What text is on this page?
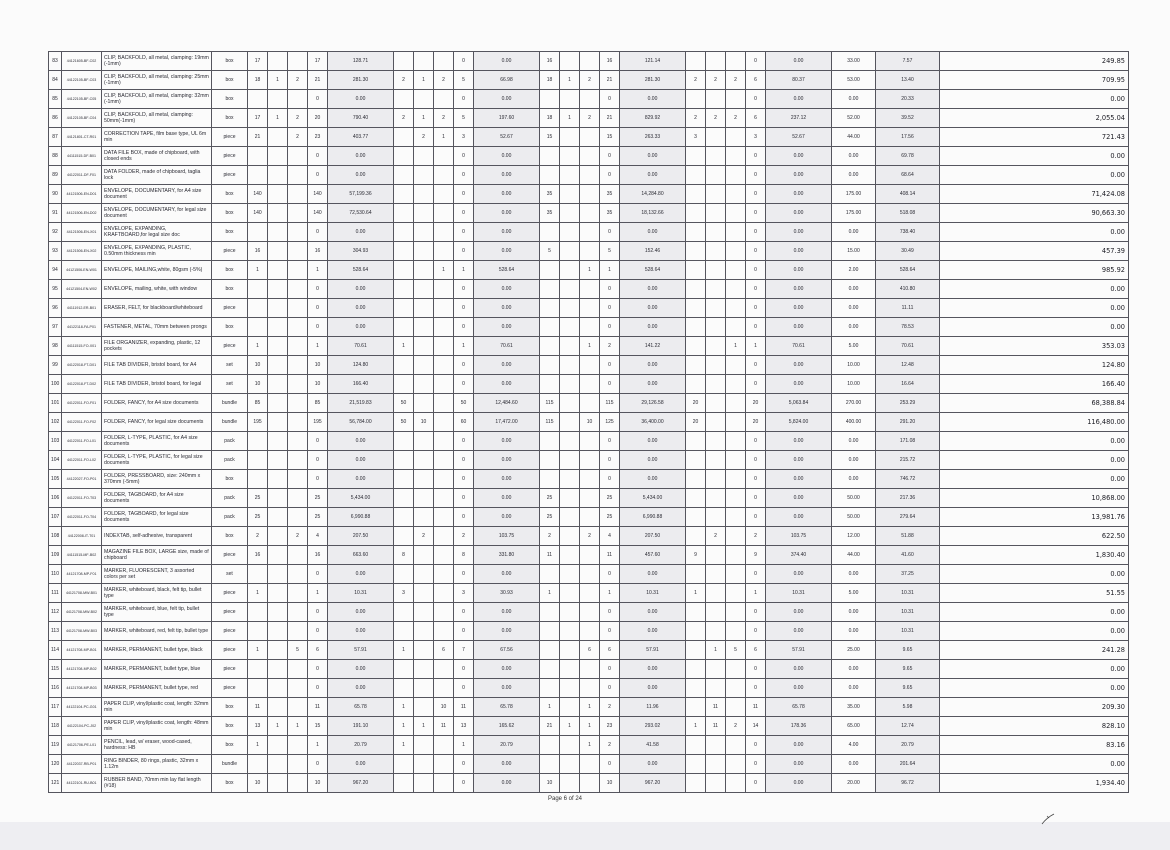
83	44121605-BF-C02	CLIP, BACKFOLD, all metal, clamping: 19mm (-1mm)	box	17			17	128.71				0	0.00	16			16	121.14				0	0.00	33.00	7.57	249.85
84	44122105-BF-C03	CLIP, BACKFOLD, all metal, clamping: 25mm (-1mm)	box	18	1	2	21	281.30	2	1	2	5	66.98	18	1	2	21	281.30	2	2	2	6	80.37	53.00	13.40	709.95
85	44122105-BF-C05	CLIP, BACKFOLD, all metal, clamping: 32mm (-1mm)	box				0	0.00				0	0.00				0	0.00				0	0.00	0.00	20.33	0.00
86	44122105-BF-C04	CLIP, BACKFOLD, all metal, clamping: 50mm(-1mm)	box	17	1	2	20	790.40	2	1	2	5	197.60	18	1	2	21	829.92	2	2	2	6	237.12	52.00	39.52	2,055.04
87	44121801-CT-R01	CORRECTION TAPE, film base type, UL 6m min	piece	21		2	23	403.77		2	1	3	52.67	15			15	263.33	3			3	52.67	44.00	17.56	721.43
88	44111515-DF-B01	DATA FILE BOX, made of chipboard, with closed ends	piece				0	0.00				0	0.00				0	0.00				0	0.00	0.00	69.78	0.00
89	44122011-DF-F01	DATA FOLDER, made of chipboard, taglia lock	piece				0	0.00				0	0.00				0	0.00				0	0.00	0.00	68.64	0.00
90	44121506-EN-D01	ENVELOPE, DOCUMENTARY, for A4 size document	box	140			140	57,199.36				0	0.00	35			35	14,284.80				0	0.00	175.00	408.14	71,424.08
91	44121506-EN-D02	ENVELOPE, DOCUMENTARY, for legal size document	box	140			140	72,530.64				0	0.00	35			35	18,132.66				0	0.00	175.00	518.08	90,663.30
92	44121506-EN-X01	ENVELOPE, EXPANDING, KRAFTBOARD,for legal size doc	box				0	0.00				0	0.00				0	0.00				0	0.00	0.00	738.40	0.00
93	44121506-EN-X02	ENVELOPE, EXPANDING, PLASTIC, 0.50mm thickness min	piece	16			16	304.93				0	0.00	5			5	152.46				0	0.00	15.00	30.49	457.39
94	44121506-EN-W01	ENVELOPE, MAILING,white, 80gsm (-5%)	box	1			1	528.64			1	1	528.64			1	1	528.64				0	0.00	2.00	528.64	985.92
95	44121504-EN-W02	ENVELOPE, mailing, white, with window	box				0	0.00				0	0.00				0	0.00				0	0.00	0.00	410.80	0.00
96	44111912-ER-B01	ERASER, FELT, for blackboard/whiteboard	piece				0	0.00				0	0.00				0	0.00				0	0.00	0.00	11.11	0.00
97	44122118-FA-P01	FASTENER, METAL, 70mm between prongs	box				0	0.00				0	0.00				0	0.00				0	0.00	0.00	78.53	0.00
98	44111515-FO-X01	FILE ORGANIZER, expanding, plastic, 12 pockets	piece	1			1	70.61	1			1	70.61			1	2	141.22			1	1	70.61	5.00	70.61	353.03
99	44122018-FT-D01	FILE TAB DIVIDER, bristol board, for A4	set	10			10	124.80				0	0.00				0	0.00				0	0.00	10.00	12.48	124.80
100	44122018-FT-D02	FILE TAB DIVIDER, bristol board, for legal	set	10			10	166.40				0	0.00				0	0.00				0	0.00	10.00	16.64	166.40
101	44122011-FO-F01	FOLDER, FANCY, for A4 size documents	bundle	85			85	21,519.83	50			50	12,484.60	115			115	29,126.58	20			20	5,063.84	270.00	253.29	68,388.84
102	44122011-FO-F02	FOLDER, FANCY, for legal size documents	bundle	195			195	56,784.00	50	10		60	17,472.00	115		10	125	36,400.00	20			20	5,824.00	400.00	291.20	116,480.00
103	44122011-FO-L01	FOLDER, L-TYPE, PLASTIC, for A4 size documents	pack				0	0.00				0	0.00				0	0.00				0	0.00	0.00	171.08	0.00
104	44122011-FO-L02	FOLDER, L-TYPE, PLASTIC, for legal size documents	pack				0	0.00				0	0.00				0	0.00				0	0.00	0.00	215.72	0.00
105	44122027-FO-P01	FOLDER, PRESSBOARD, size: 240mm x 370mm (-5mm)	box				0	0.00				0	0.00				0	0.00				0	0.00	0.00	746.72	0.00
106	44122011-FO-T03	FOLDER, TAGBOARD, for A4 size documents	pack	25			25	5,434.00				0	0.00	25			25	5,434.00				0	0.00	50.00	217.36	10,868.00
107	44122011-FO-T04	FOLDER, TAGBOARD, for legal size documents	pack	25			25	6,990.88				0	0.00	25			25	6,990.88				0	0.00	50.00	279.64	13,981.76
108	44122008-IT-T01	INDEXTAB, self-adhesive, transparent	box	2		2	4	207.50		2		2	103.75	2		2	4	207.50		2		2	103.75	12.00	51.88	622.50
109	44111515-MF-B02	MAGAZINE FILE BOX, LARGE size, made of chipboard	piece	16			16	663.60	8			8	331.80	11			11	457.60	9			9	374.40	44.00	41.60	1,830.40
110	44121708-MP-F01	MARKER, FLUORESCENT, 3 assorted colors per set	set				0	0.00				0	0.00				0	0.00				0	0.00	0.00	37.25	0.00
111	44121708-MW-B01	MARKER, whiteboard, black, felt tip, bullet type	piece	1			1	10.31	3			3	30.93	1			1	10.31	1			1	10.31	5.00	10.31	51.55
112	44121708-MW-B02	MARKER, whiteboard, blue, felt tip, bullet type	piece				0	0.00				0	0.00				0	0.00				0	0.00	0.00	10.31	0.00
113	44121708-MW-B03	MARKER, whiteboard, red, felt tip, bullet type	piece				0	0.00				0	0.00				0	0.00				0	0.00	0.00	10.31	0.00
114	44121708-MP-B01	MARKER, PERMANENT, bullet type, black	piece	1		5	6	57.91	1		6	7	67.56			6	6	57.91		1	5	6	57.91	25.00	9.65	241.28
115	44121708-MP-B02	MARKER, PERMANENT, bullet type, blue	piece				0	0.00				0	0.00				0	0.00				0	0.00	0.00	9.65	0.00
116	44121708-MP-B03	MARKER, PERMANENT, bullet type, red	piece				0	0.00				0	0.00				0	0.00				0	0.00	0.00	9.65	0.00
117	44122104-PC-G01	PAPER CLIP, vinyl/plastic coat, length: 32mm min	box	11			11	65.78	1		10	11	65.78	1		1	2	11.96		11		11	65.78	35.00	5.98	209.30
118	44122104-PC-J02	PAPER CLIP, vinyl/plastic coat, length: 48mm min	box	13	1	1	15	191.10	1	1	11	13	165.62	21	1	1	23	293.02	1	11	2	14	178.36	65.00	12.74	828.10
119	44121706-PE-L01	PENCIL, lead, w/ eraser, wood-cased, hardness: HB	box	1			1	20.79	1			1	20.79			1	2	41.58				0	0.00	4.00	20.79	83.16
120	44122037-RB-P01	RING BINDER, 80 rings, plastic, 32mm x 1.12m	bundle				0	0.00				0	0.00				0	0.00				0	0.00	0.00	201.64	0.00
121	44122101-RU-B01	RUBBER BAND, 70mm min lay flat length (#18)	box	10			10	967.20				0	0.00	10			10	967.20				0	0.00	20.00	96.72	1,934.40
Page 6 of 24
